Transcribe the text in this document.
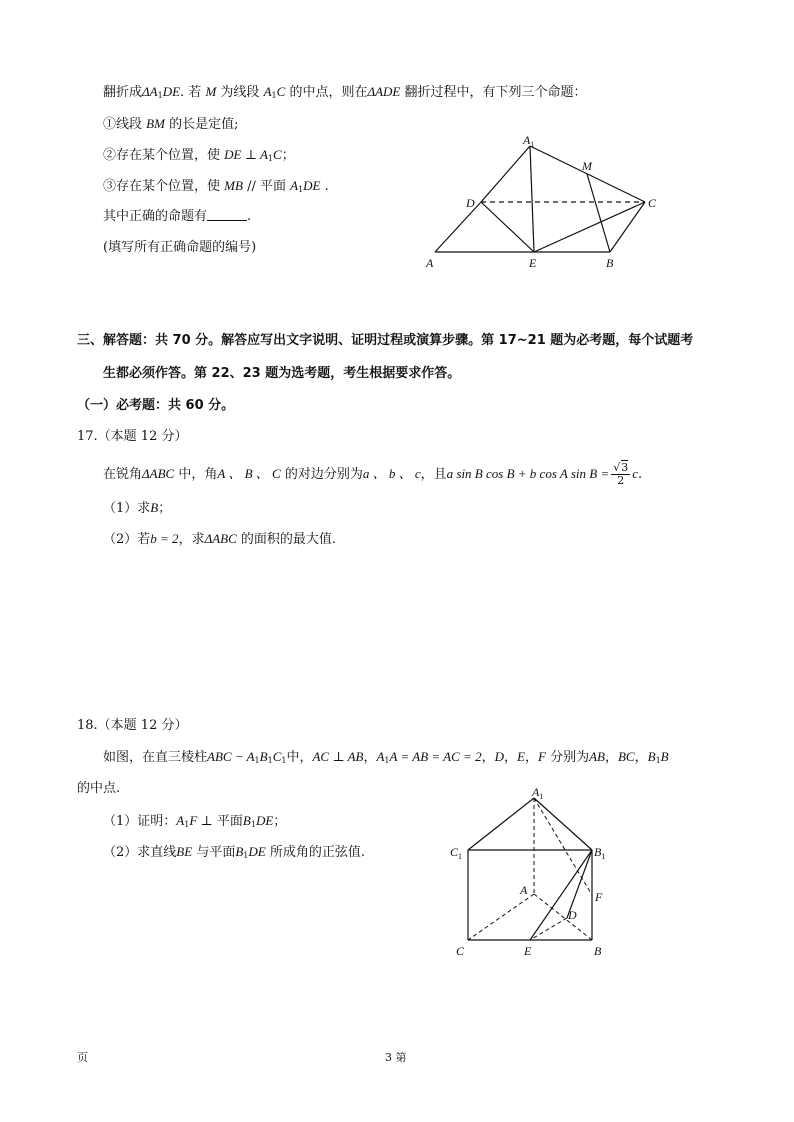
翻折成$\Delta A_1DE$. 若 M 为线段 $A_1C$ 的中点，则在ΔADE 翻折过程中，有下列三个命题：
①线段 BM 的长是定值;
②存在某个位置，使 DE ⊥ $A_1C$；
③存在某个位置，使 MB // 平面 $A_1DE$ .
其中正确的命题有	.
(填写所有正确命题的编号)
$A_1$
M
D	C
A	E	B
三、解答题：共 70 分。解答应写出文字说明、证明过程或演算步骤。第 17~21 题为必考题，每个试题考
生都必须作答。第 22、23 题为选考题，考生根据要求作答。
（一）必考题：共 60 分。
17.（本题 12 分）
在锐角ΔABC 中，角A 、 B 、 C 的对边分别为a 、 b 、 c，且a sin B cos B + b cos A $\sin B = \frac{√3}{2} c$.
（1）求B；
（2）若b = 2，求ΔABC 的面积的最大值.
18.（本题 12 分）
如图，在直三棱柱ABC − $A_1B_1C_1$中，AC ⊥ AB，$A_1A$ = AB = AC = 2，D，E，F 分别为AB，BC，$B_1B$
的中点.
（1）证明：$A_1F$ ⊥ 平面$B_1DE$；
（2）求直线BE 与平面$B_1DE$ 所成角的正弦值.
$A_1$
$C_1$	$B_1$
A	F
D
C	E	B
页	3 第
